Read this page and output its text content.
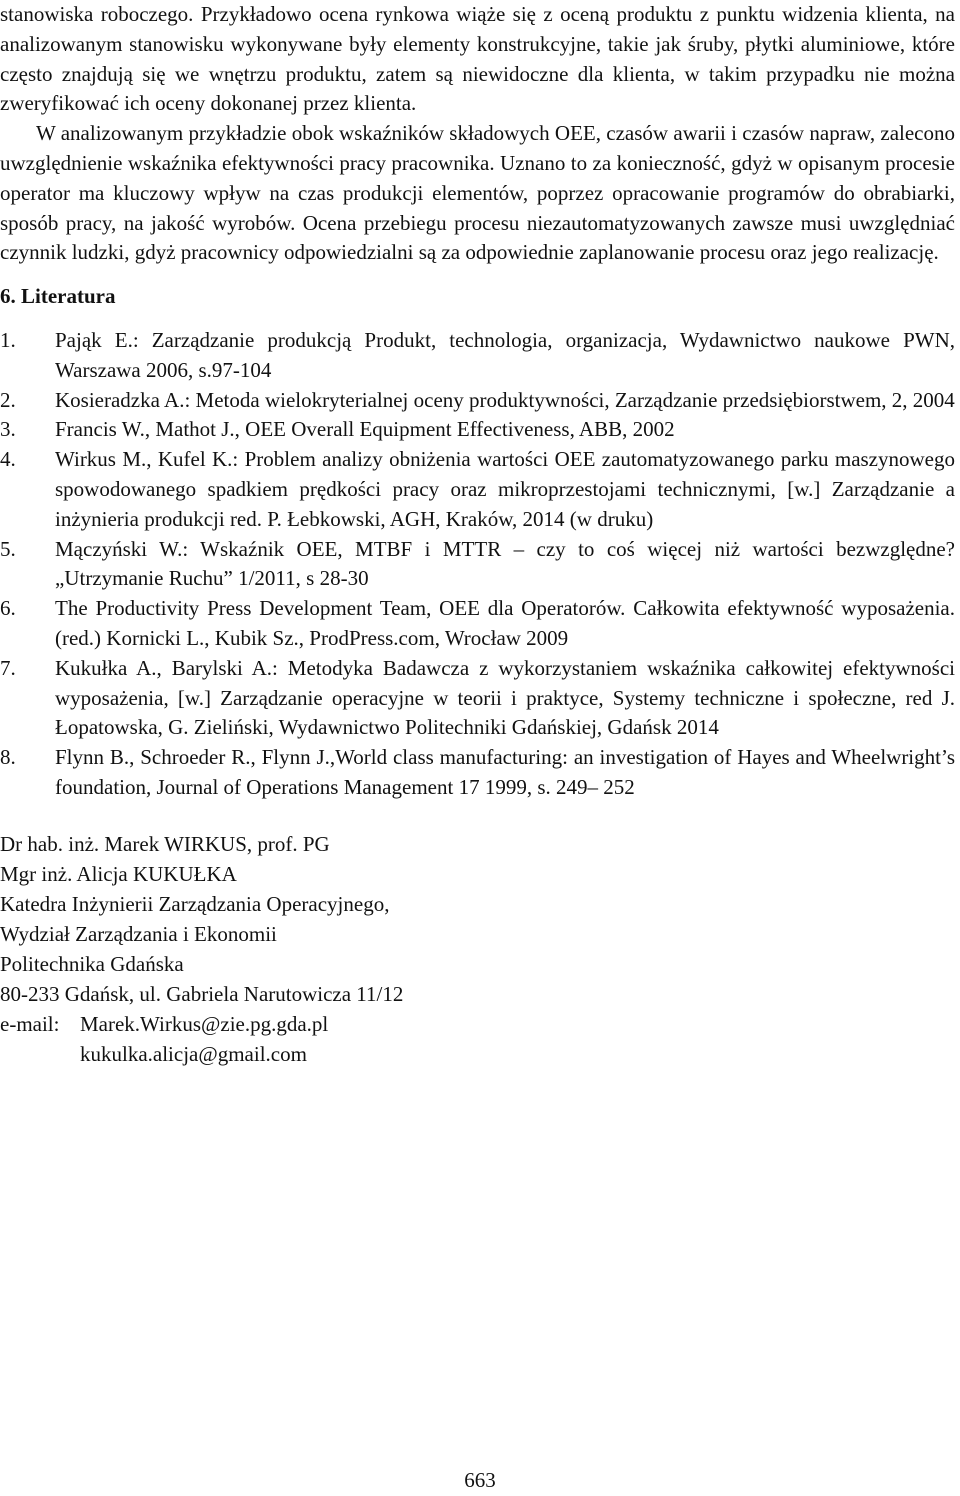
stanowiska roboczego. Przykładowo ocena rynkowa wiąże się z oceną produktu z punktu widzenia klienta, na analizowanym stanowisku wykonywane były elementy konstrukcyjne, takie jak śruby, płytki aluminiowe, które często znajdują się we wnętrzu produktu, zatem są niewidoczne dla klienta, w takim przypadku nie można zweryfikować ich oceny dokonanej przez klienta.

W analizowanym przykładzie obok wskaźników składowych OEE, czasów awarii i czasów napraw, zalecono uwzględnienie wskaźnika efektywności pracy pracownika. Uznano to za konieczność, gdyż w opisanym procesie operator ma kluczowy wpływ na czas produkcji elementów, poprzez opracowanie programów do obrabiarki, sposób pracy, na jakość wyrobów. Ocena przebiegu procesu niezautomatyzowanych zawsze musi uwzględniać czynnik ludzki, gdyż pracownicy odpowiedzialni są za odpowiednie zaplanowanie procesu oraz jego realizację.

6. Literatura
1. Pająk E.: Zarządzanie produkcją Produkt, technologia, organizacja, Wydawnictwo naukowe PWN, Warszawa 2006, s.97-104
2. Kosieradzka A.: Metoda wielokryterialnej oceny produktywności, Zarządzanie przedsiębiorstwem, 2, 2004
3. Francis W., Mathot J., OEE Overall Equipment Effectiveness, ABB, 2002
4. Wirkus M., Kufel K.: Problem analizy obniżenia wartości OEE zautomatyzowanego parku maszynowego spowodowanego spadkiem prędkości pracy oraz mikroprzestojami technicznymi, [w.] Zarządzanie a inżynieria produkcji red. P. Łebkowski, AGH, Kraków, 2014 (w druku)
5. Mączyński W.: Wskaźnik OEE, MTBF i MTTR – czy to coś więcej niż wartości bezwzględne? „Utrzymanie Ruchu” 1/2011, s 28-30
6. The Productivity Press Development Team, OEE dla Operatorów. Całkowita efektywność wyposażenia. (red.) Kornicki L., Kubik Sz., ProdPress.com, Wrocław 2009
7. Kukułka A., Barylski A.: Metodyka Badawcza z wykorzystaniem wskaźnika całkowitej efektywności wyposażenia, [w.] Zarządzanie operacyjne w teorii i praktyce, Systemy techniczne i społeczne, red J. Łopatowska, G. Zieliński, Wydawnictwo Politechniki Gdańskiej, Gdańsk 2014
8. Flynn B., Schroeder R., Flynn J.,World class manufacturing: an investigation of Hayes and Wheelwright’s foundation, Journal of Operations Management 17 1999, s. 249– 252
Dr hab. inż. Marek WIRKUS, prof. PG
Mgr inż. Alicja KUKUŁKA
Katedra Inżynierii Zarządzania Operacyjnego,
Wydział Zarządzania i Ekonomii
Politechnika Gdańska
80-233 Gdańsk, ul. Gabriela Narutowicza 11/12
e-mail: Marek.Wirkus@zie.pg.gda.pl
kukulka.alicja@gmail.com
663
